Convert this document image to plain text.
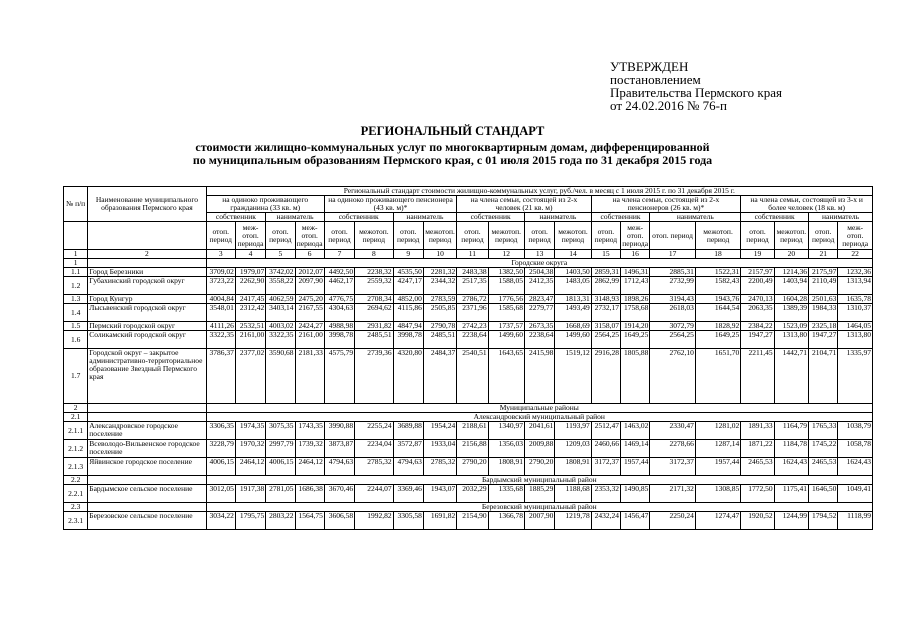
УТВЕРЖДЕН
постановлением
Правительства Пермского края
от 24.02.2016 № 76-п
РЕГИОНАЛЬНЫЙ СТАНДАРТ
стоимости жилищно-коммунальных услуг по многоквартирным домам, дифференцированной
по муниципальным образованиям Пермского края, с 01 июля 2015 года по 31 декабря 2015 года
№ п/п	Наименование муниципального образования Пермского края	Региональный стандарт стоимости жилищно-коммунальных услуг, руб./чел. в месяц с 1 июля 2015 г. по 31 декабря 2015 г.																			
		на одиноко проживающего гражданина (33 кв. м)				на одиноко проживающего пенсионера (43 кв. м)*				на члена семьи, состоящей из 2-х человек (21 кв. м)				на члена семьи, состоящей из 2-х пенсионеров (26 кв. м)*				на члена семьи, состоящей из 3-х и более человек (18 кв. м)			
		собственник		наниматель		собственник		наниматель		собственник		наниматель		собственник		наниматель		собственник		наниматель	
		отоп. период	меж-отоп. периода	отоп. период	меж-отоп. периода	отоп. период	межотоп. период	отоп. период	межотоп. период	отоп. период	межотоп. период	отоп. период	межотоп. период	отоп. период	меж-отоп. периода	отоп. период	межотоп. период	отоп. период	межотоп. период	отоп. период	меж-отоп. периода
1	2	3	4	5	6	7	8	9	10	11	12	13	14	15	16	17	18	19	20	21	22
1		Городские округа																			
1.1	Город Березники	3709,02	1979,07	3742,02	2012,07	4492,50	2238,32	4535,50	2281,32	2483,38	1382,50	2504,38	1403,50	2859,31	1496,31	2885,31	1522,31	2157,97	1214,36	2175,97	1232,36
1.2	Губахинский городской округ	3723,22	2262,90	3558,22	2097,90	4462,17	2559,32	4247,17	2344,32	2517,35	1588,05	2412,35	1483,05	2862,99	1712,43	2732,99	1582,43	2200,49	1403,94	2110,49	1313,94
1.3	Город Кунгур	4004,84	2417,45	4062,59	2475,20	4776,75	2708,34	4852,00	2783,59	2786,72	1776,56	2823,47	1813,31	3148,93	1898,26	3194,43	1943,76	2470,13	1604,28	2501,63	1635,78
1.4	Лысьвенский городской округ	3548,01	2312,42	3403,14	2167,55	4304,63	2694,62	4115,86	2505,85	2371,96	1585,68	2279,77	1493,49	2732,17	1758,68	2618,03	1644,54	2063,35	1389,39	1984,33	1310,37
1.5	Пермский городской округ	4111,26	2532,51	4003,02	2424,27	4988,98	2931,82	4847,94	2790,78	2742,23	1737,57	2673,35	1668,69	3158,07	1914,20	3072,79	1828,92	2384,22	1523,09	2325,18	1464,05
1.6	Соликамский городской округ	3322,35	2161,00	3322,35	2161,00	3998,78	2485,51	3998,78	2485,51	2238,64	1499,60	2238,64	1499,60	2564,25	1649,25	2564,25	1649,25	1947,27	1313,80	1947,27	1313,80
1.7	Городской округ – закрытое административно-территориальное образование Звездный Пермского края	3786,37	2377,02	3590,68	2181,33	4575,79	2739,36	4320,80	2484,37	2540,51	1643,65	2415,98	1519,12	2916,28	1805,88	2762,10	1651,70	2211,45	1442,71	2104,71	1335,97
2		Муниципальные районы																			
2.1		Александровский муниципальный район																			
2.1.1	Александровское городское поселение	3306,35	1974,35	3075,35	1743,35	3990,88	2255,24	3689,88	1954,24	2188,61	1340,97	2041,61	1193,97	2512,47	1463,02	2330,47	1281,02	1891,33	1164,79	1765,33	1038,79
2.1.2	Всеволодо-Вильвенское городское поселение	3228,79	1970,32	2997,79	1739,32	3873,87	2234,04	3572,87	1933,04	2156,88	1356,03	2009,88	1209,03	2460,66	1469,14	2278,66	1287,14	1871,22	1184,78	1745,22	1058,78
2.1.3	Яйвинское городское поселение	4006,15	2464,12	4006,15	2464,12	4794,63	2785,32	4794,63	2785,32	2790,20	1808,91	2790,20	1808,91	3172,37	1957,44	3172,37	1957,44	2465,53	1624,43	2465,53	1624,43
2.2		Бардымский муниципальный район																			
2.2.1	Бардымское сельское поселение	3012,05	1917,38	2781,05	1686,38	3670,46	2244,07	3369,46	1943,07	2032,29	1335,68	1885,29	1188,68	2353,32	1490,85	2171,32	1308,85	1772,50	1175,41	1646,50	1049,41
2.3		Березовский муниципальный район																			
2.3.1	Березовское сельское поселение	3034,22	1795,75	2803,22	1564,75	3606,58	1992,82	3305,58	1691,82	2154,90	1366,78	2007,90	1219,78	2432,24	1456,47	2250,24	1274,47	1920,52	1244,99	1794,52	1118,99
